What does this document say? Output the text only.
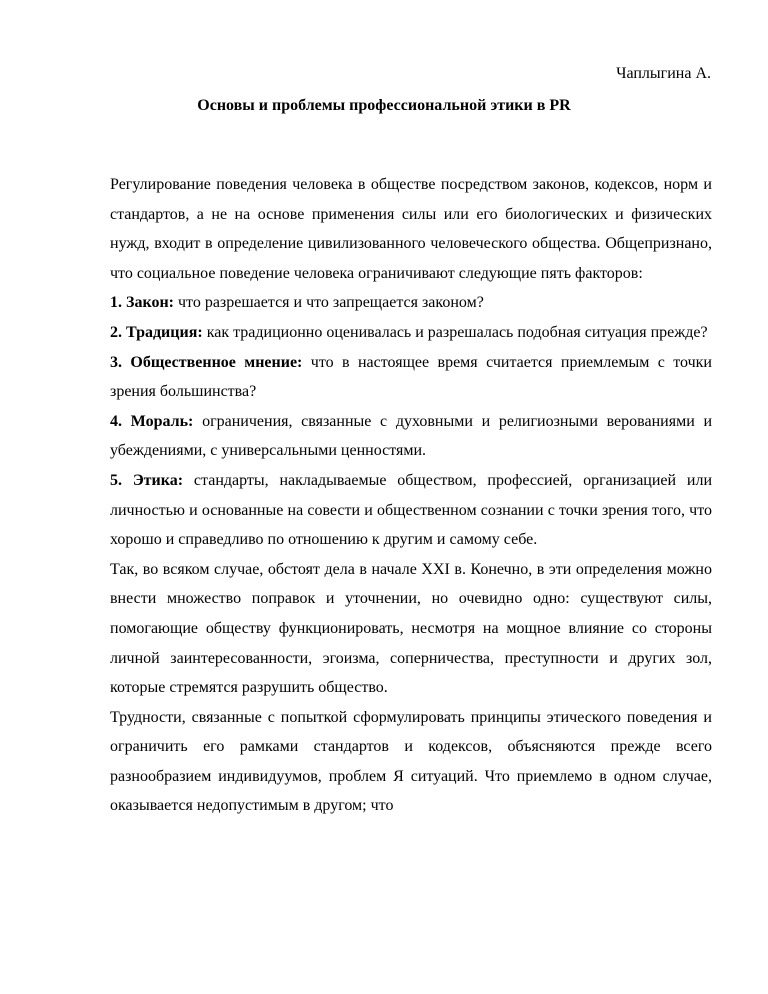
Чаплыгина А.
Основы и проблемы профессиональной этики в PR

Регулирование поведения человека в обществе посредством законов, кодексов, норм и стандартов, а не на основе применения силы или его биологических и физических нужд, входит в определение цивилизованного человеческого общества. Общепризнано, что социальное поведение человека ограничивают следующие пять факторов:

1. Закон: что разрешается и что запрещается законом?

2. Традиция: как традиционно оценивалась и разрешалась подобная ситуация прежде?

3. Общественное мнение: что в настоящее время считается приемлемым с точки зрения большинства?

4. Мораль: ограничения, связанные с духовными и религиозными верованиями и убеждениями, с универсальными ценностями.

5. Этика: стандарты, накладываемые обществом, профессией, организацией или личностью и основанные на совести и общественном сознании с точки зрения того, что хорошо и справедливо по отношению к другим и самому себе.

Так, во всяком случае, обстоят дела в начале XXI в. Конечно, в эти определения можно внести множество поправок и уточнении, но очевидно одно: существуют силы, помогающие обществу функционировать, несмотря на мощное влияние со стороны личной заинтересованности, эгоизма, соперничества, преступности и других зол, которые стремятся разрушить общество.

Трудности, связанные с попыткой сформулировать принципы этического поведения и ограничить его рамками стандартов и кодексов, объясняются прежде всего разнообразием индивидуумов, проблем Я ситуаций. Что приемлемо в одном случае, оказывается недопустимым в другом; что
